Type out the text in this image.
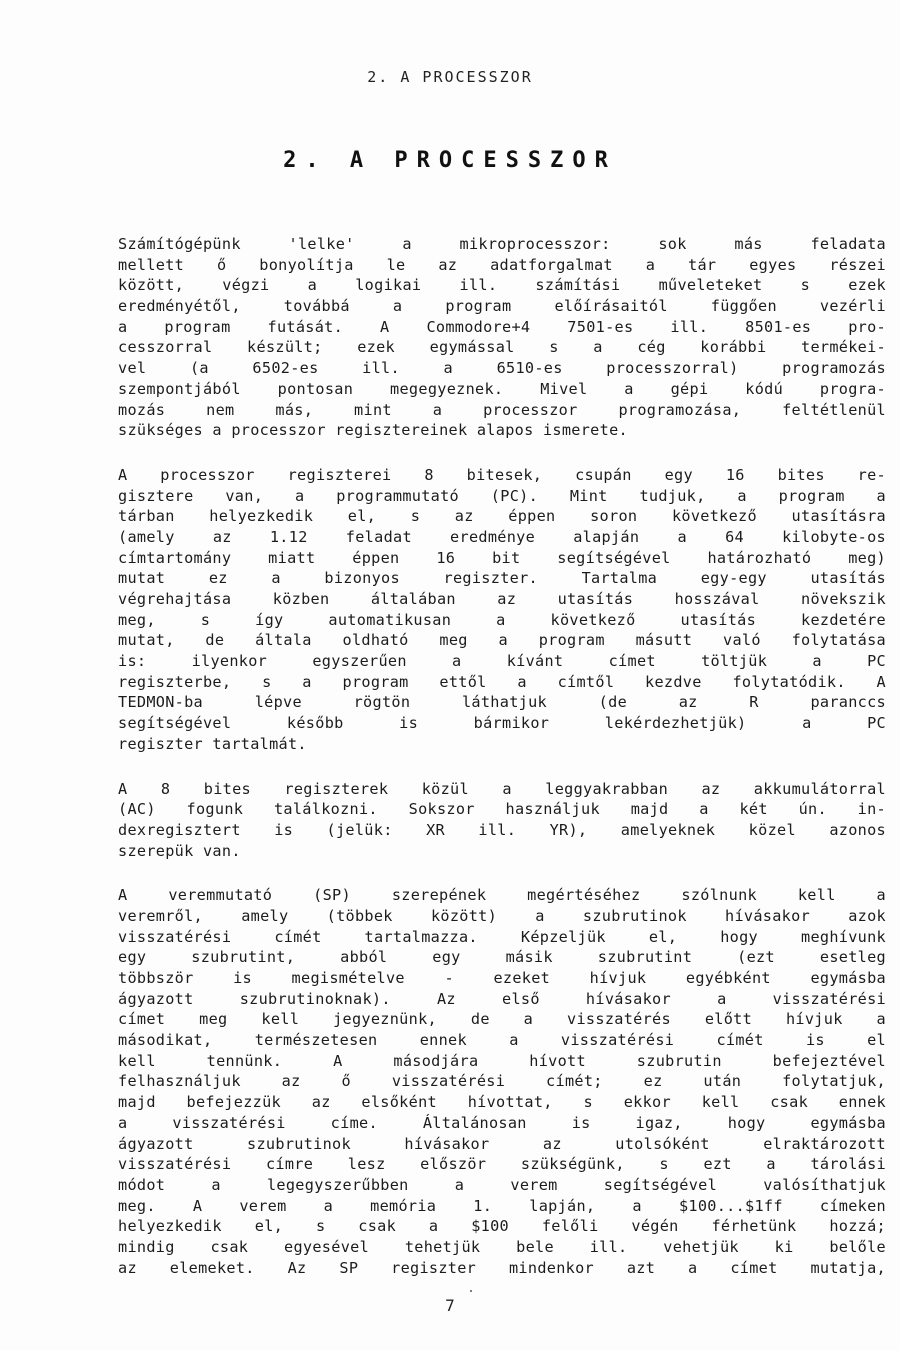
2. A PROCESSZOR
2. A PROCESSZOR
Számítógépünk 'lelke' a mikroprocesszor: sok más feladata
mellett ő bonyolítja le az adatforgalmat a tár egyes részei
között, végzi a logikai ill. számítási műveleteket s ezek
eredményétől, továbbá a program előírásaitól függően vezérli
a program futását. A Commodore+4 7501-es ill. 8501-es pro-
cesszorral készült; ezek egymással s a cég korábbi termékei-
vel (a 6502-es ill. a 6510-es processzorral) programozás
szempontjából pontosan megegyeznek. Mivel a gépi kódú progra-
mozás nem más, mint a processzor programozása, feltétlenül
szükséges a processzor regisztereinek alapos ismerete.
A processzor regiszterei 8 bitesek, csupán egy 16 bites re-
gisztere van, a programmutató (PC). Mint tudjuk, a program a
tárban helyezkedik el, s az éppen soron következő utasításra
(amely az 1.12 feladat eredménye alapján a 64 kilobyte-os
címtartomány miatt éppen 16 bit segítségével határozható meg)
mutat ez a bizonyos regiszter. Tartalma egy-egy utasítás
végrehajtása közben általában az utasítás hosszával növekszik
meg, s így automatikusan a következő utasítás kezdetére
mutat, de általa oldható meg a program másutt való folytatása
is: ilyenkor egyszerűen a kívánt címet töltjük a PC
regiszterbe, s a program ettől a címtől kezdve folytatódik. A
TEDMON-ba lépve rögtön láthatjuk (de az R paranccs
segítségével később is bármikor lekérdezhetjük) a PC
regiszter tartalmát.
A 8 bites regiszterek közül a leggyakrabban az akkumulátorral
(AC) fogunk találkozni. Sokszor használjuk majd a két ún. in-
dexregisztert is (jelük: XR ill. YR), amelyeknek közel azonos
szerepük van.
A veremmutató (SP) szerepének megértéséhez szólnunk kell a
veremről, amely (többek között) a szubrutinok hívásakor azok
visszatérési címét tartalmazza. Képzeljük el, hogy meghívunk
egy szubrutint, abból egy másik szubrutint (ezt esetleg
többször is megismételve - ezeket hívjuk egyébként egymásba
ágyazott szubrutinoknak). Az első hívásakor a visszatérési
címet meg kell jegyeznünk, de a visszatérés előtt hívjuk a
másodikat, természetesen ennek a visszatérési címét is el
kell tennünk. A másodjára hívott szubrutin befejeztével
felhasználjuk az ő visszatérési címét; ez után folytatjuk,
majd befejezzük az elsőként hívottat, s ekkor kell csak ennek
a visszatérési címe. Általánosan is igaz, hogy egymásba
ágyazott szubrutinok hívásakor az utolsóként elraktározott
visszatérési címre lesz először szükségünk, s ezt a tárolási
módot a legegyszerűbben a verem segítségével valósíthatjuk
meg. A verem a memória 1. lapján, a $100...$1ff címeken
helyezkedik el, s csak a $100 felőli végén férhetünk hozzá;
mindig csak egyesével tehetjük bele ill. vehetjük ki belőle
az elemeket. Az SP regiszter mindenkor azt a címet mutatja,
7
